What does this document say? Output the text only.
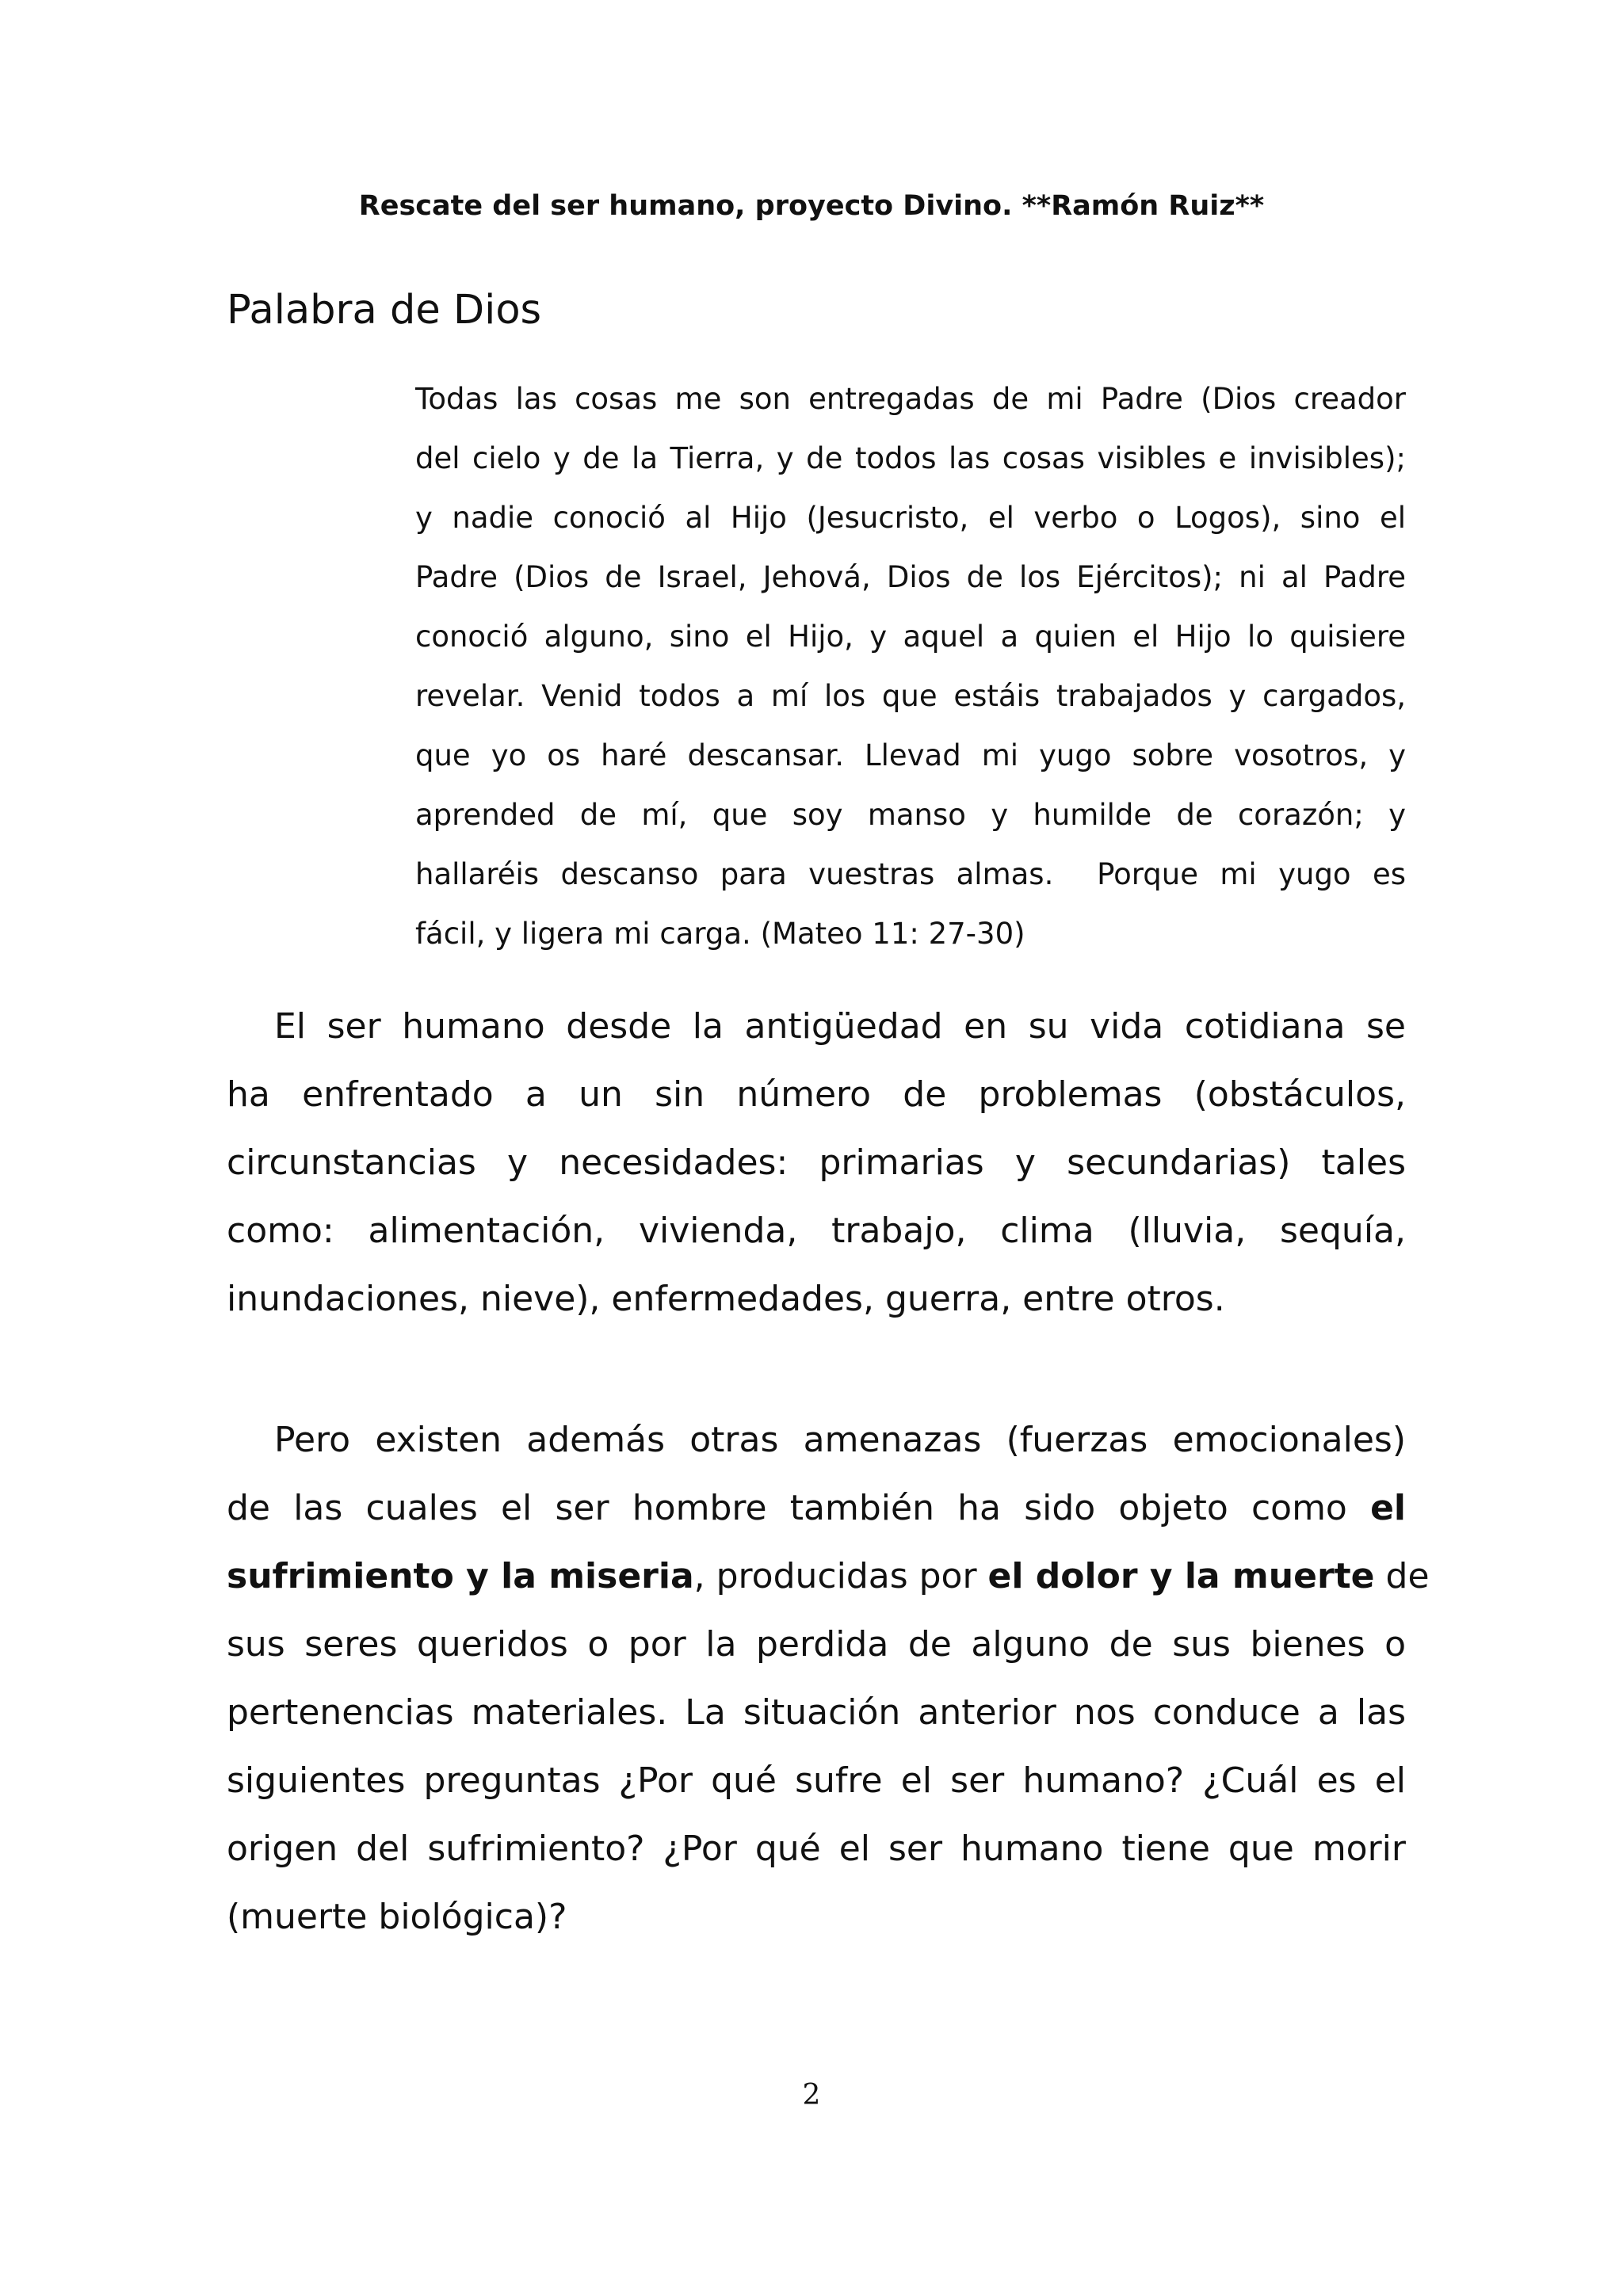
Rescate del ser humano, proyecto Divino. **Ramón Ruiz**
Palabra de Dios
Todas las cosas me son entregadas de mi Padre (Dios creador
del cielo y de la Tierra, y de todos las cosas visibles e invisibles);
y nadie conoció al Hijo (Jesucristo, el verbo o Logos), sino el
Padre (Dios de Israel, Jehová, Dios de los Ejércitos); ni al Padre
conoció alguno, sino el Hijo, y aquel a quien el Hijo lo quisiere
revelar. Venid todos a mí los que estáis trabajados y cargados,
que yo os haré descansar. Llevad mi yugo sobre vosotros, y
aprended de mí, que soy manso y humilde de corazón; y
hallaréis descanso para vuestras almas.  Porque mi yugo es
fácil, y ligera mi carga. (Mateo 11: 27-30)
El ser humano desde la antigüedad en su vida cotidiana se
ha enfrentado a un sin número de problemas (obstáculos,
circunstancias y necesidades: primarias y secundarias) tales
como: alimentación, vivienda, trabajo, clima (lluvia, sequía,
inundaciones, nieve), enfermedades, guerra, entre otros.
Pero existen además otras amenazas (fuerzas emocionales)
de las cuales el ser hombre también ha sido objeto como el
sufrimiento y la miseria, producidas por el dolor y la muerte de
sus seres queridos o por la perdida de alguno de sus bienes o
pertenencias materiales. La situación anterior nos conduce a las
siguientes preguntas ¿Por qué sufre el ser humano? ¿Cuál es el
origen del sufrimiento? ¿Por qué el ser humano tiene que morir
(muerte biológica)?
2
